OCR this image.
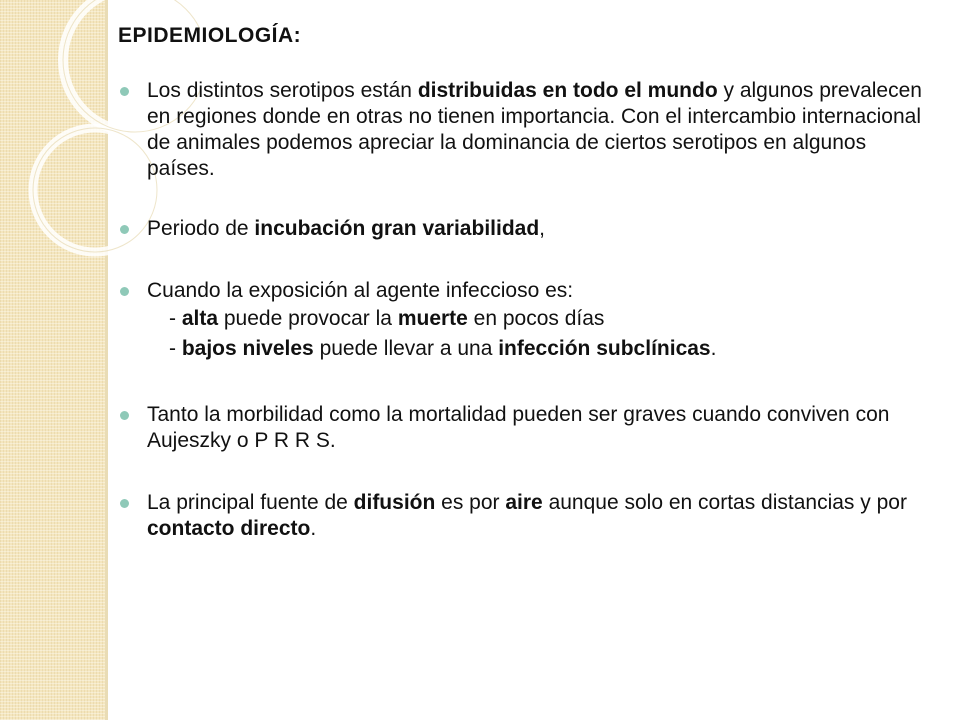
EPIDEMIOLOGÍA:
Los distintos serotipos están distribuidas en todo el mundo y algunos prevalecen en regiones donde en otras no tienen importancia. Con el intercambio internacional de animales podemos apreciar la dominancia de ciertos serotipos en algunos países.
Periodo de incubación gran variabilidad,
Cuando la exposición al agente infeccioso es:
- alta puede provocar la muerte en pocos días
- bajos niveles puede llevar a una infección subclínicas.
Tanto la morbilidad como la mortalidad pueden ser graves cuando conviven con Aujeszky o P R R S.
La principal fuente de difusión es por aire aunque solo en cortas distancias y por contacto directo.
